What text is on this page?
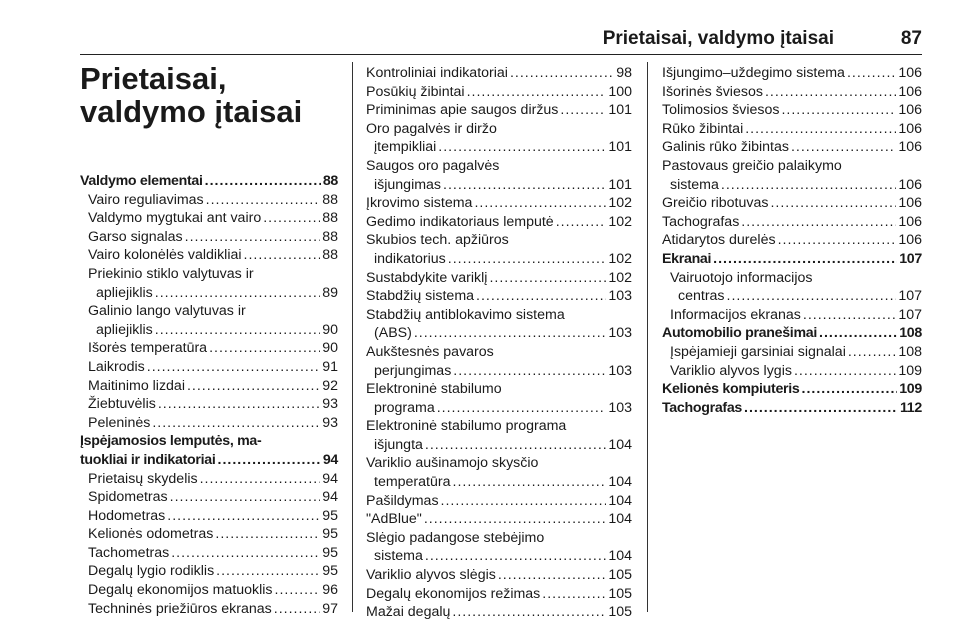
Prietaisai, valdymo įtaisai	87
Prietaisai, valdymo įtaisai
Valdymo elementai .....	88
Vairo reguliavimas .....	88
Valdymo mygtukai ant vairo .....	88
Garso signalas .....	88
Vairo kolonėlės valdikliai .....	88
Priekinio stiklo valytuvas ir
apliejiklis .....	89
Galinio lango valytuvas ir
apliejiklis .....	90
Išorės temperatūra .....	90
Laikrodis .....	91
Maitinimo lizdai .....	92
Žiebtuvėlis .....	93
Peleninės .....	93
Įspėjamosios lemputės, ma-
tuokliai ir indikatoriai .....	94
Prietaisų skydelis .....	94
Spidometras .....	94
Hodometras .....	95
Kelionės odometras .....	95
Tachometras .....	95
Degalų lygio rodiklis .....	95
Degalų ekonomijos matuoklis .....	96
Techninės priežiūros ekranas .....	97
Kontroliniai indikatoriai .....	98
Posūkių žibintai .....	100
Priminimas apie saugos diržus .....	101
Oro pagalvės ir diržo
įtempikliai .....	101
Saugos oro pagalvės
išjungimas .....	101
Įkrovimo sistema .....	102
Gedimo indikatoriaus lemputė .....	102
Skubios tech. apžiūros
indikatorius .....	102
Sustabdykite variklį .....	102
Stabdžių sistema .....	103
Stabdžių antiblokavimo sistema
(ABS) .....	103
Aukštesnės pavaros
perjungimas .....	103
Elektroninė stabilumo
programa .....	103
Elektroninė stabilumo programa
išjungta .....	104
Variklio aušinamojo skysčio
temperatūra .....	104
Pašildymas .....	104
"AdBlue" .....	104
Slėgio padangose stebėjimo
sistema .....	104
Variklio alyvos slėgis .....	105
Degalų ekonomijos režimas .....	105
Mažai degalų .....	105
Išjungimo–uždegimo sistema .....	106
Išorinės šviesos .....	106
Tolimosios šviesos .....	106
Rūko žibintai .....	106
Galinis rūko žibintas .....	106
Pastovaus greičio palaikymo
sistema .....	106
Greičio ribotuvas .....	106
Tachografas .....	106
Atidarytos durelės .....	106
Ekranai .....	107
Vairuotojo informacijos
centras .....	107
Informacijos ekranas .....	107
Automobilio pranešimai .....	108
Įspėjamieji garsiniai signalai .....	108
Variklio alyvos lygis .....	109
Kelionės kompiuteris .....	109
Tachografas .....	112
